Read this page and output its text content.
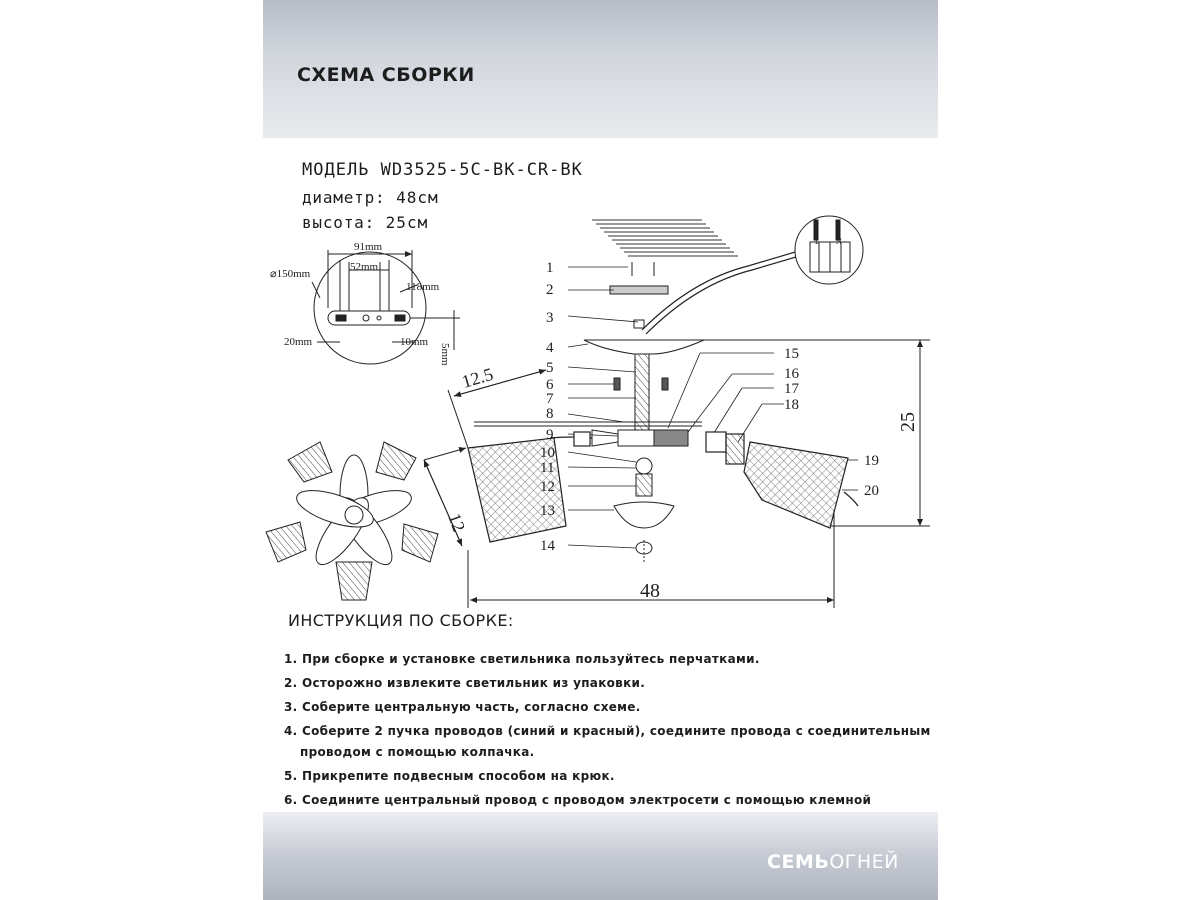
СХЕМА СБОРКИ
МОДЕЛЬ WD3525-5C-BK-CR-BK
диаметр: 48см
высота: 25см
91mm
52mm
⌀150mm
118mm
20mm	10mm
5mm
L N
48
25
12.5
12
1
2
3
4
5
6
7
8
9
10
11
12
13
14
15
16
17
18
19
20
ИНСТРУКЦИЯ ПО СБОРКЕ:
1. При сборке и установке светильника пользуйтесь перчатками.
2. Осторожно извлеките светильник из упаковки.
3. Соберите центральную часть, согласно схеме.
4. Соберите 2 пучка проводов (синий и красный), соедините провода с соединительным
проводом с помощью колпачка.
5. Прикрепите подвесным способом на крюк.
6. Соедините центральный провод с проводом электросети с помощью клемной
СЕМЬОГНЕЙ
